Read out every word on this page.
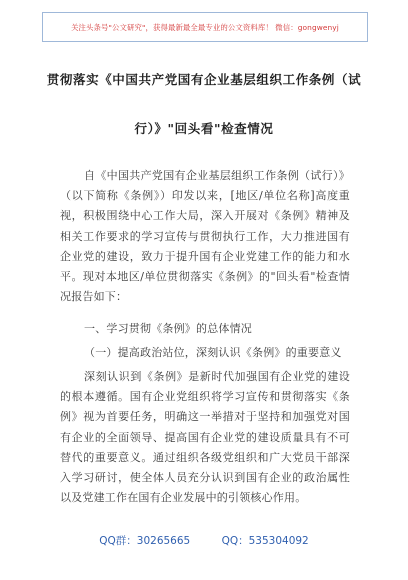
关注头条号"公文研究"，获得最新最全最专业的公文资料库！ 微信：gongwenyj
贯彻落实《中国共产党国有企业基层组织工作条例（试
行）》"回头看"检查情况

自《中国共产党国有企业基层组织工作条例（试行）》（以下简称《条例》）印发以来，[地区/单位名称]高度重视，积极围绕中心工作大局，深入开展对《条例》精神及相关工作要求的学习宣传与贯彻执行工作，大力推进国有企业党的建设，致力于提升国有企业党建工作的能力和水平。现对本地区/单位贯彻落实《条例》的"回头看"检查情况报告如下：

一、学习贯彻《条例》的总体情况
（一）提高政治站位，深刻认识《条例》的重要意义

深刻认识到《条例》是新时代加强国有企业党的建设的根本遵循。国有企业党组织将学习宣传和贯彻落实《条例》视为首要任务，明确这一举措对于坚持和加强党对国有企业的全面领导、提高国有企业党的建设质量具有不可替代的重要意义。通过组织各级党组织和广大党员干部深入学习研讨，使全体人员充分认识到国有企业的政治属性以及党建工作在国有企业发展中的引领核心作用。

QQ群：30265665	QQ：535304092
